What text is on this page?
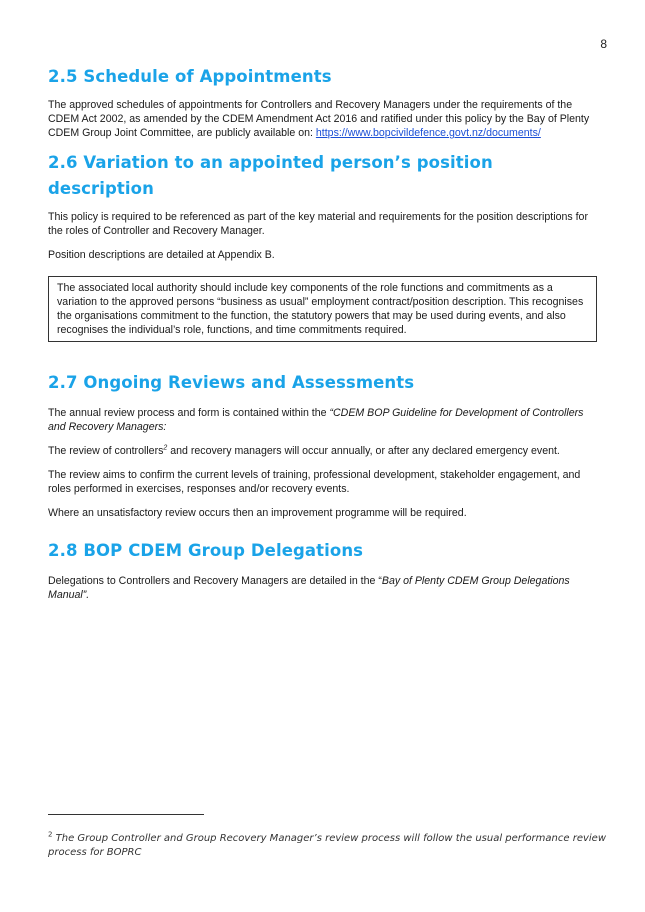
8
2.5 Schedule of Appointments

The approved schedules of appointments for Controllers and Recovery Managers under the requirements of the CDEM Act 2002, as amended by the CDEM Amendment Act 2016 and ratified under this policy by the Bay of Plenty CDEM Group Joint Committee, are publicly available on: https://www.bopcivildefence.govt.nz/documents/

2.6 Variation to an appointed person’s position description

This policy is required to be referenced as part of the key material and requirements for the position descriptions for the roles of Controller and Recovery Manager.

Position descriptions are detailed at Appendix B.

The associated local authority should include key components of the role functions and commitments as a variation to the approved persons “business as usual” employment contract/position description. This recognises the organisations commitment to the function, the statutory powers that may be used during events, and also recognises the individual’s role, functions, and time commitments required.

2.7 Ongoing Reviews and Assessments

The annual review process and form is contained within the “CDEM BOP Guideline for Development of Controllers and Recovery Managers:

The review of controllers$^2$ and recovery managers will occur annually, or after any declared emergency event.

The review aims to confirm the current levels of training, professional development, stakeholder engagement, and roles performed in exercises, responses and/or recovery events.

Where an unsatisfactory review occurs then an improvement programme will be required.

2.8 BOP CDEM Group Delegations

Delegations to Controllers and Recovery Managers are detailed in the “Bay of Plenty CDEM Group Delegations Manual”.

$^2$ The Group Controller and Group Recovery Manager’s review process will follow the usual performance review process for BOPRC
